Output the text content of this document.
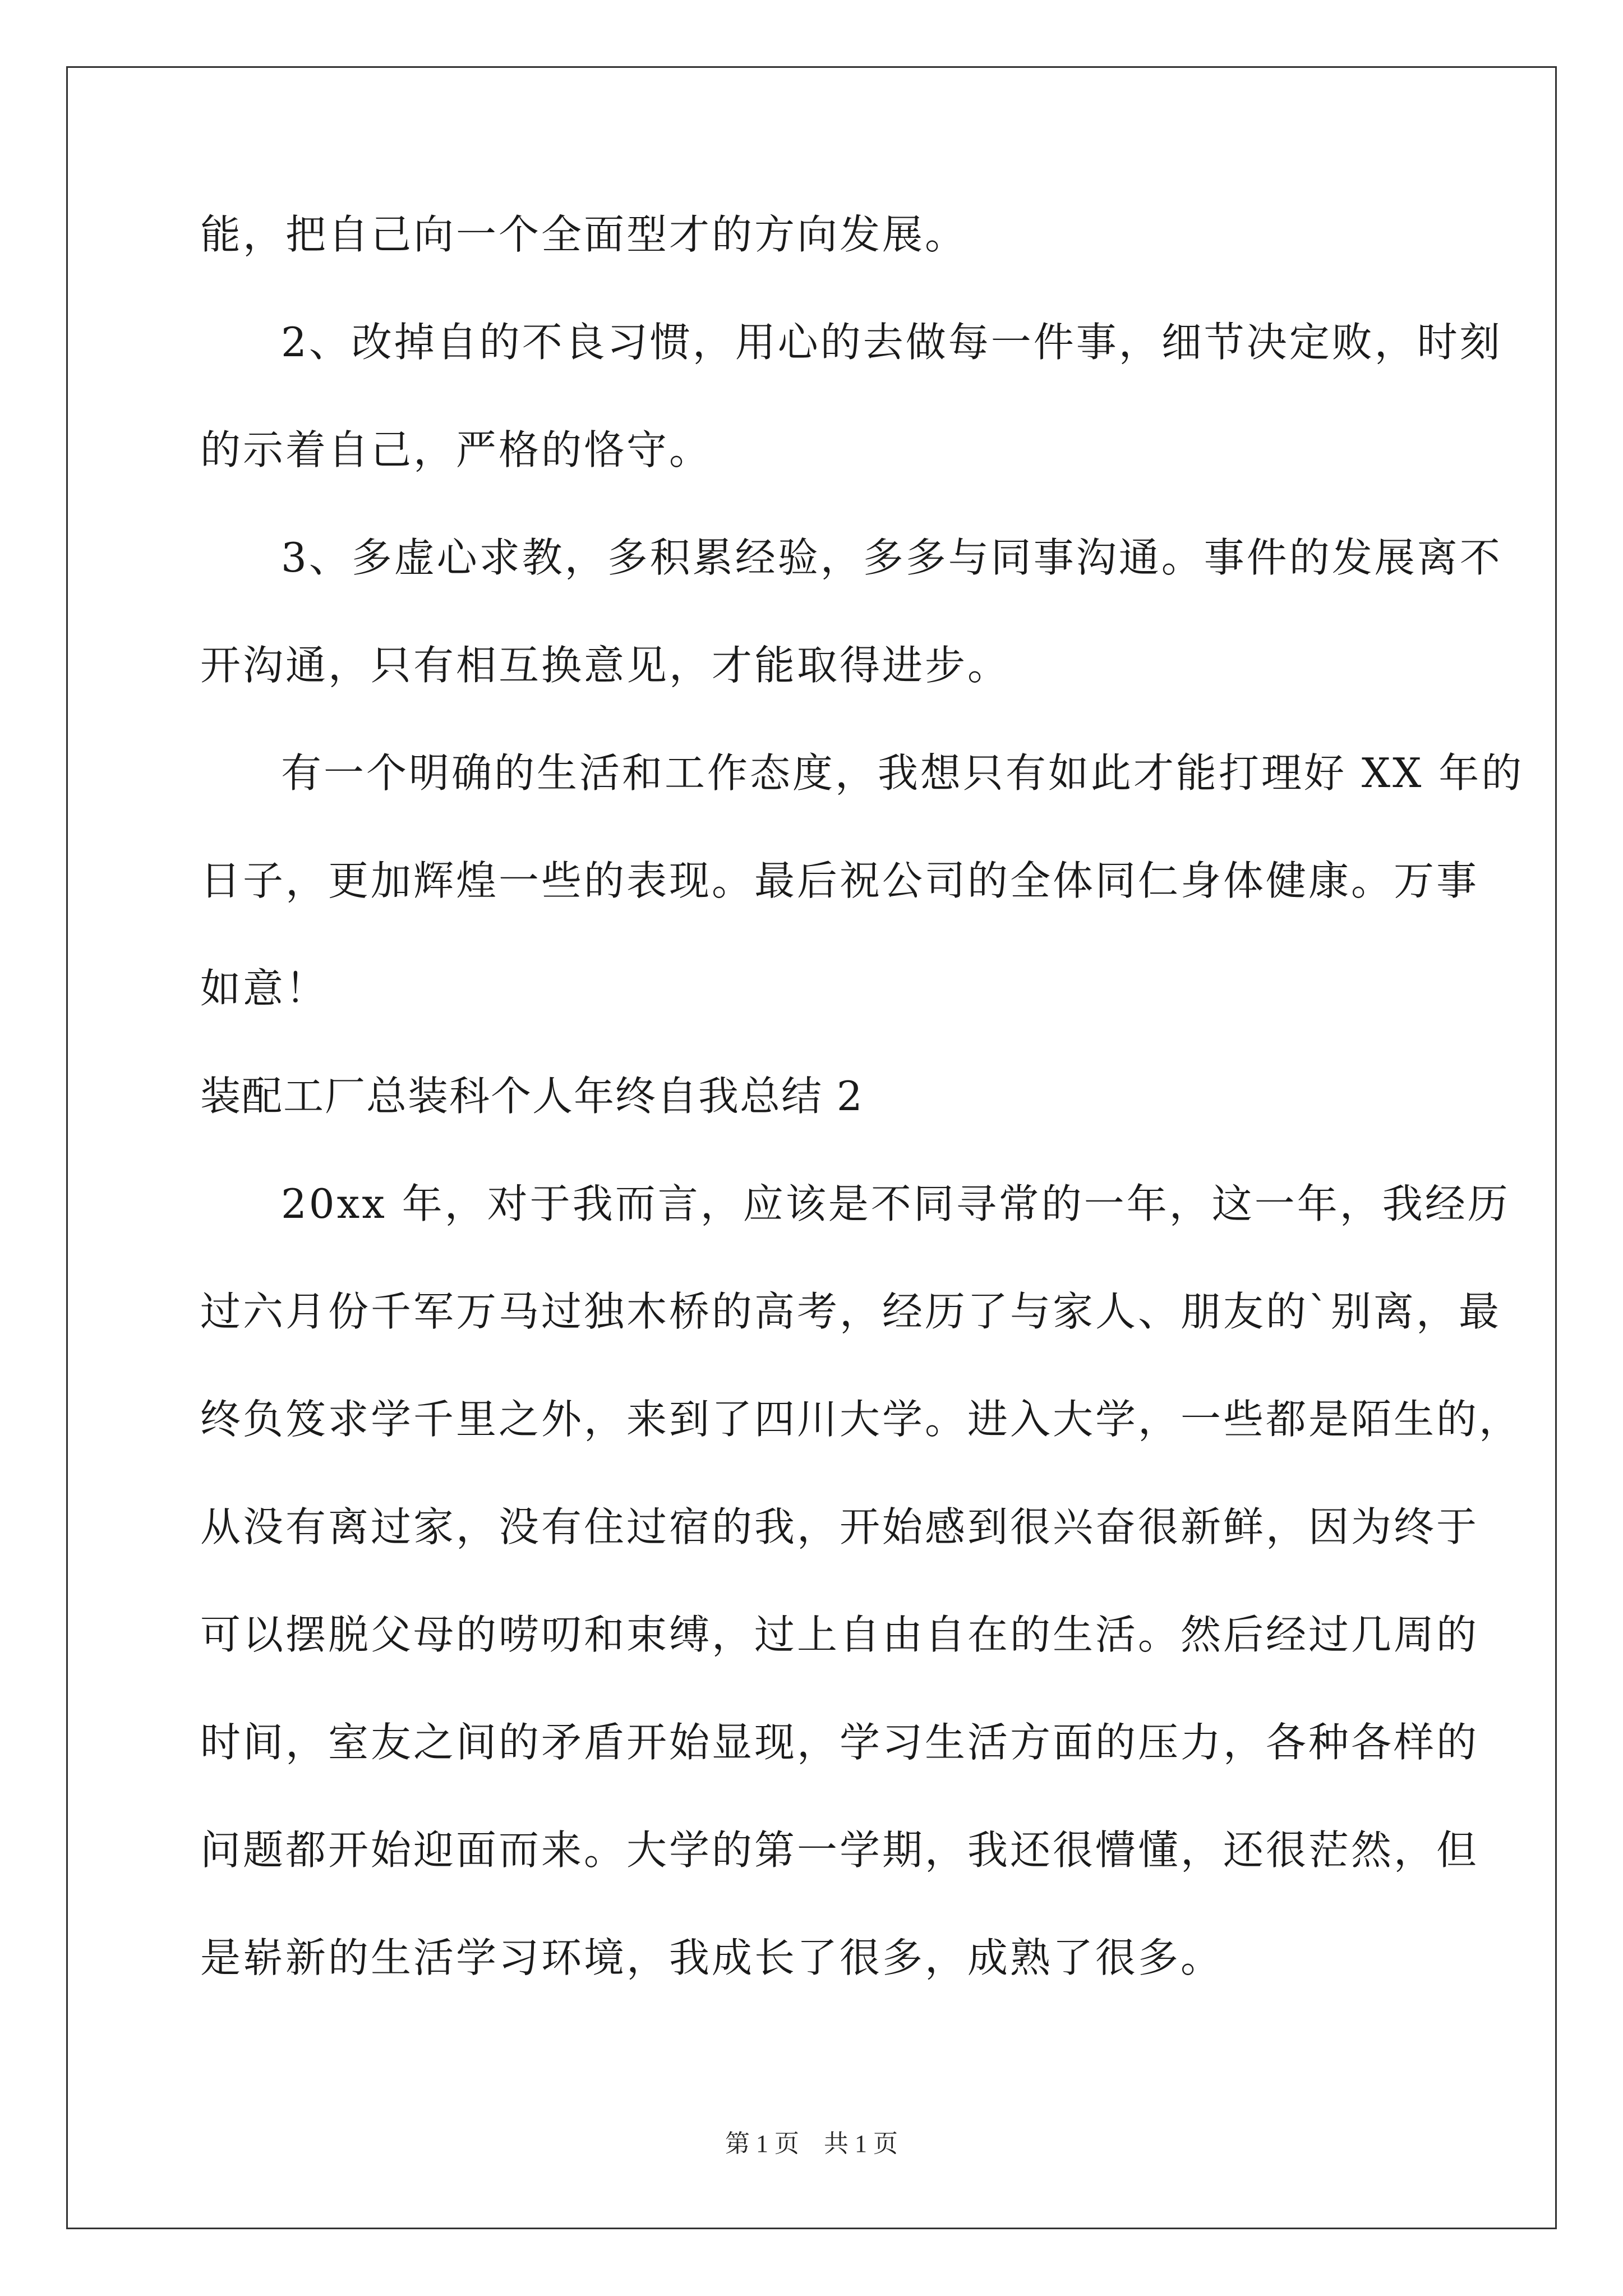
能，把自己向一个全面型才的方向发展。
2、改掉自的不良习惯，用心的去做每一件事，细节决定败，时刻
的示着自己，严格的恪守。
3、多虚心求教，多积累经验，多多与同事沟通。事件的发展离不
开沟通，只有相互换意见，才能取得进步。
有一个明确的生活和工作态度，我想只有如此才能打理好 XX 年的
日子，更加辉煌一些的表现。最后祝公司的全体同仁身体健康。万事
如意！
装配工厂总装科个人年终自我总结 2
20xx 年，对于我而言，应该是不同寻常的一年，这一年，我经历
过六月份千军万马过独木桥的高考，经历了与家人、朋友的`别离，最
终负笈求学千里之外，来到了四川大学。进入大学，一些都是陌生的，
从没有离过家，没有住过宿的我，开始感到很兴奋很新鲜，因为终于
可以摆脱父母的唠叨和束缚，过上自由自在的生活。然后经过几周的
时间，室友之间的矛盾开始显现，学习生活方面的压力，各种各样的
问题都开始迎面而来。大学的第一学期，我还很懵懂，还很茫然，但
是崭新的生活学习环境，我成长了很多，成熟了很多。
第 1 页　共 1 页
